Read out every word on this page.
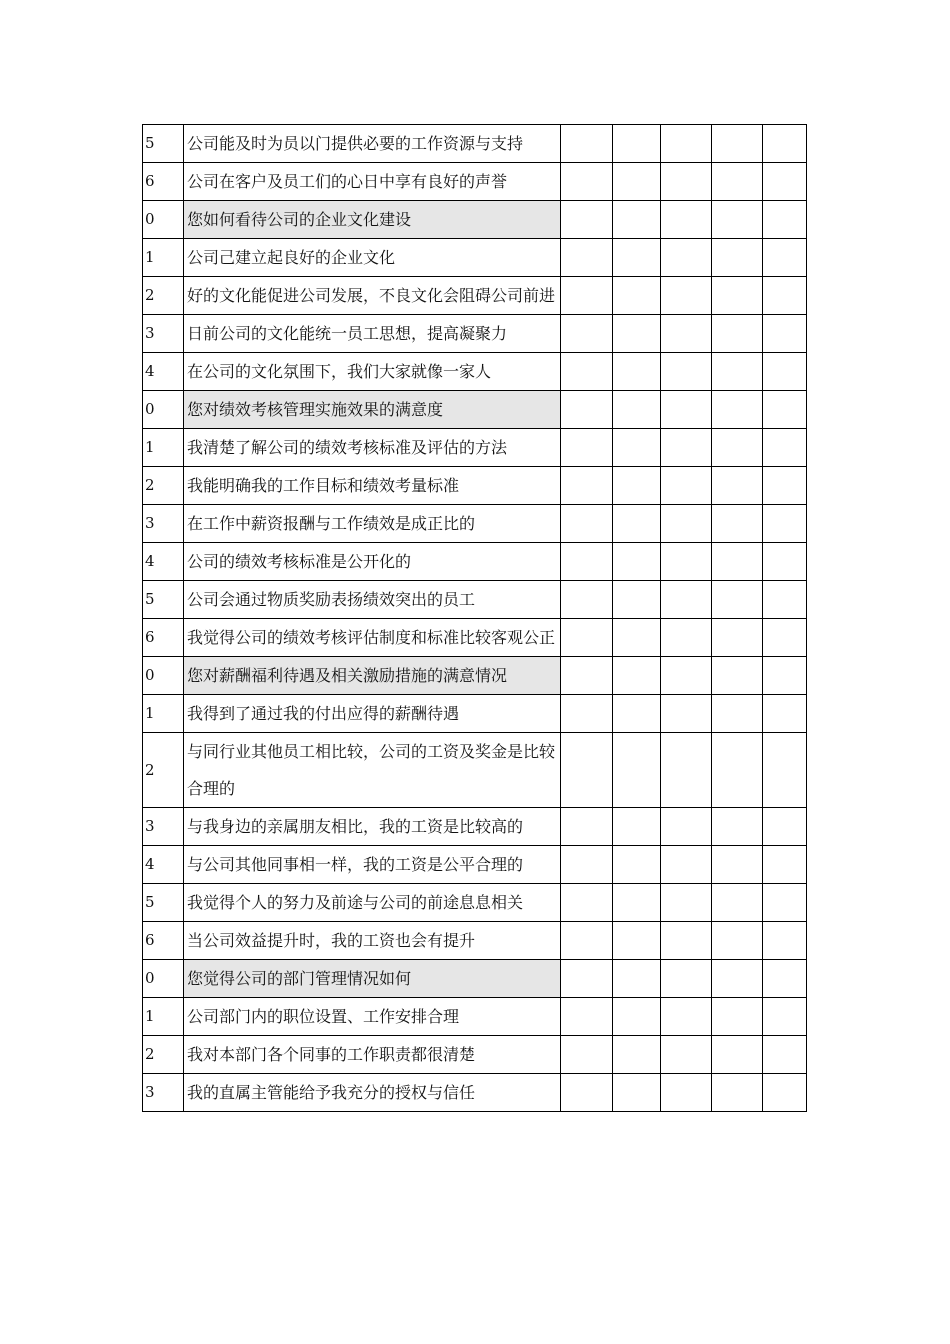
5	公司能及时为员以门提供必要的工作资源与支持					
6	公司在客户及员工们的心日中享有良好的声誉					
0	您如何看待公司的企业文化建设					
1	公司己建立起良好的企业文化					
2	好的文化能促进公司发展，不良文化会阻碍公司前进					
3	日前公司的文化能统一员工思想，提高凝聚力					
4	在公司的文化氛围下，我们大家就像一家人					
0	您对绩效考核管理实施效果的满意度					
1	我清楚了解公司的绩效考核标准及评估的方法					
2	我能明确我的工作目标和绩效考量标准					
3	在工作中薪资报酬与工作绩效是成正比的					
4	公司的绩效考核标准是公开化的					
5	公司会通过物质奖励表扬绩效突出的员工					
6	我觉得公司的绩效考核评估制度和标准比较客观公正					
0	您对薪酬福利待遇及相关激励措施的满意情况					
1	我得到了通过我的付出应得的薪酬待遇					
2	与同行业其他员工相比较，公司的工资及奖金是比较合理的					
3	与我身边的亲属朋友相比，我的工资是比较高的					
4	与公司其他同事相一样，我的工资是公平合理的					
5	我觉得个人的努力及前途与公司的前途息息相关					
6	当公司效益提升时，我的工资也会有提升					
0	您觉得公司的部门管理情况如何					
1	公司部门内的职位设置、工作安排合理					
2	我对本部门各个同事的工作职责都很清楚					
3	我的直属主管能给予我充分的授权与信任					
